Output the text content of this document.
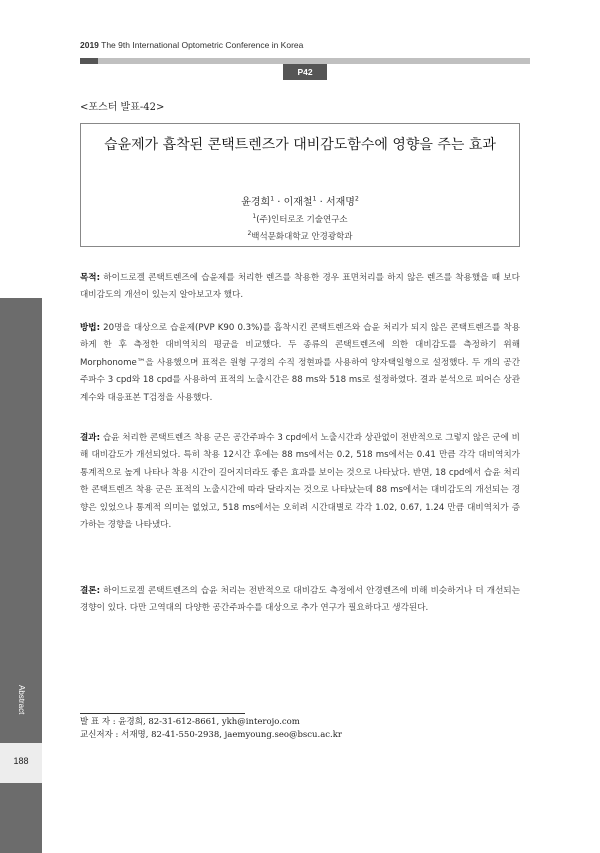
2019 The 9th International Optometric Conference in Korea
P42
<포스터 발표-42>
습윤제가 흡착된 콘택트렌즈가 대비감도함수에 영향을 주는 효과
윤경희$^1$ · 이재철$^1$ · 서재명$^2$
$^1$(주)인터로조 기술연구소
$^2$백석문화대학교 안경광학과
목적: 하이드로겔 콘택트렌즈에 습윤제를 처리한 렌즈를 착용한 경우 표면처리를 하지 않은 렌즈를 착용했을 때 보다 대비감도의 개선이 있는지 알아보고자 했다.
방법: 20명을 대상으로 습윤제(PVP K90 0.3%)를 흡착시킨 콘택트렌즈와 습윤 처리가 되지 않은 콘택트렌즈를 착용하게 한 후 측정한 대비역치의 평균을 비교했다. 두 종류의 콘택트렌즈에 의한 대비감도를 측정하기 위해 Morphonome™을 사용했으며 표적은 원형 구경의 수직 정현파를 사용하여 양자택일형으로 설정했다. 두 개의 공간주파수 3 cpd와 18 cpd를 사용하여 표적의 노출시간은 88 ms와 518 ms로 설정하였다. 결과 분석으로 피어슨 상관계수와 대응표본 T검정을 사용했다.
결과: 습윤 처리한 콘택트렌즈 착용 군은 공간주파수 3 cpd에서 노출시간과 상관없이 전반적으로 그렇지 않은 군에 비해 대비감도가 개선되었다. 특히 착용 12시간 후에는 88 ms에서는 0.2, 518 ms에서는 0.41 만큼 각각 대비역치가 통계적으로 높게 나타나 착용 시간이 길어지더라도 좋은 효과를 보이는 것으로 나타났다. 반면, 18 cpd에서 습윤 처리한 콘택트렌즈 착용 군은 표적의 노출시간에 따라 달라지는 것으로 나타났는데 88 ms에서는 대비감도의 개선되는 경향은 있었으나 통계적 의미는 없었고, 518 ms에서는 오히려 시간대별로 각각 1.02, 0.67, 1.24 만큼 대비역치가 증가하는 경향을 나타냈다.
결론: 하이드로겔 콘택트렌즈의 습윤 처리는 전반적으로 대비감도 측정에서 안경렌즈에 비해 비슷하거나 더 개선되는 경향이 있다. 다만 고역대의 다양한 공간주파수를 대상으로 추가 연구가 필요하다고 생각된다.
Abstract
188
발 표 자 : 윤경희, 82-31-612-8661, ykh@interojo.com
교신저자 : 서재명, 82-41-550-2938, jaemyoung.seo@bscu.ac.kr
